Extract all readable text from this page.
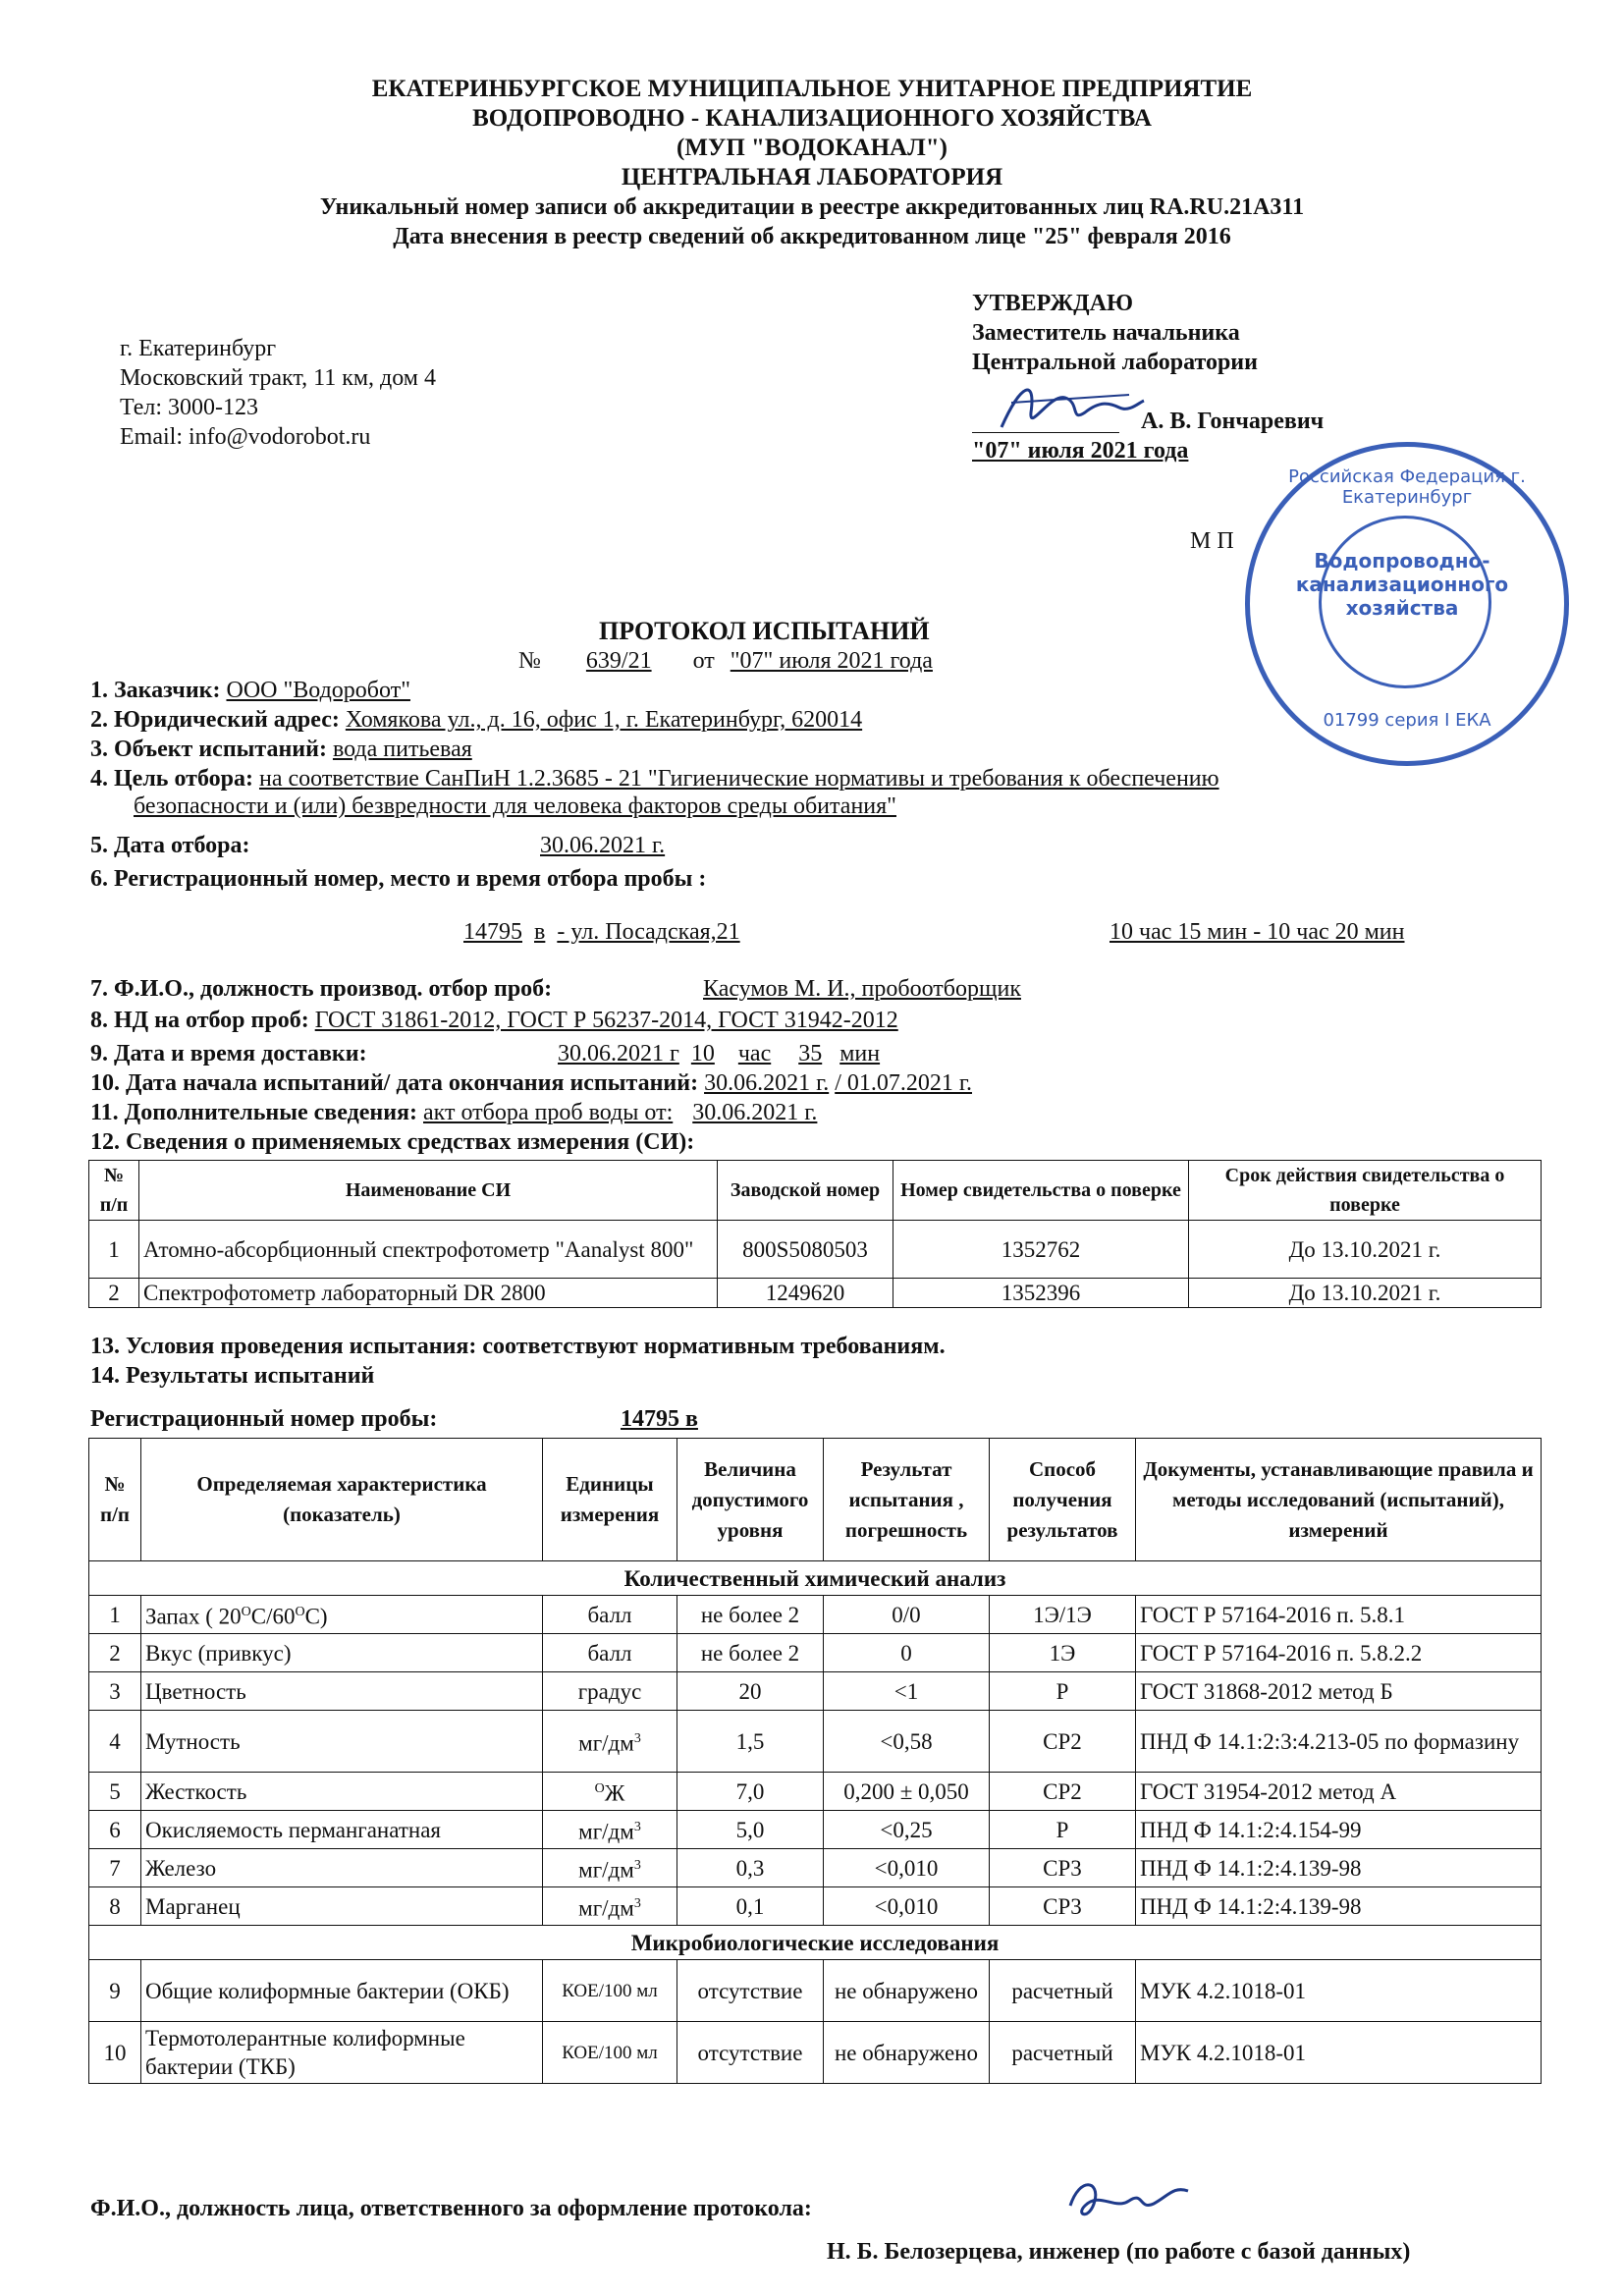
ЕКАТЕРИНБУРГСКОЕ МУНИЦИПАЛЬНОЕ УНИТАРНОЕ ПРЕДПРИЯТИЕ
ВОДОПРОВОДНО - КАНАЛИЗАЦИОННОГО ХОЗЯЙСТВА
(МУП "ВОДОКАНАЛ")
ЦЕНТРАЛЬНАЯ ЛАБОРАТОРИЯ
Уникальный номер записи об аккредитации в реестре аккредитованных лиц RA.RU.21А311
Дата внесения в реестр сведений об аккредитованном лице "25" февраля 2016
г. Екатеринбург
Московский тракт, 11 км, дом 4
Тел: 3000-123
Email: info@vodorobot.ru
УТВЕРЖДАЮ
Заместитель начальника
Центральной лаборатории
А. В. Гончаревич
"07" июля 2021 года
М П
Российская Федерация г. Екатеринбург
Водопроводно-канализационного хозяйства
01799 серия I ЕКА
ПРОТОКОЛ ИСПЫТАНИЙ
№ 639/21 от "07" июля 2021 года
1. Заказчик: ООО "Водоробот"
2. Юридический адрес: Хомякова ул., д. 16, офис 1, г. Екатеринбург, 620014
3. Объект испытаний: вода питьевая
4. Цель отбора: на соответствие СанПиН 1.2.3685 - 21 "Гигиенические нормативы и требования к обеспечению
безопасности и (или) безвредности для человека факторов среды обитания"
5. Дата отбора:	30.06.2021 г.
6. Регистрационный номер, место и время отбора пробы :
14795 в - ул. Посадская,21	10 час 15 мин - 10 час 20 мин
7. Ф.И.О., должность производ. отбор проб:	Касумов М. И., пробоотборщик
8. НД на отбор проб: ГОСТ 31861-2012, ГОСТ Р 56237-2014, ГОСТ 31942-2012
9. Дата и время доставки:	30.06.2021 г 10 час 35 мин
10. Дата начала испытаний/ дата окончания испытаний: 30.06.2021 г. / 01.07.2021 г.
11. Дополнительные сведения: акт отбора проб воды от: 30.06.2021 г.
12. Сведения о применяемых средствах измерения (СИ):
№ п/п	Наименование СИ	Заводской номер	Номер свидетельства о поверке	Срок действия свидетельства о поверке
1	Атомно-абсорбционный спектрофотометр "Aanalyst 800"	800S5080503	1352762	До 13.10.2021 г.
2	Спектрофотометр лабораторный DR 2800	1249620	1352396	До 13.10.2021 г.
13. Условия проведения испытания: соответствуют нормативным требованиям.
14. Результаты испытаний
Регистрационный номер пробы:	14795 в
№ п/п	Определяемая характеристика (показатель)	Единицы измерения	Величина допустимого уровня	Результат испытания , погрешность	Способ получения результатов	Документы, устанавливающие правила и методы исследований (испытаний), измерений
Количественный химический анализ						
1	Запах ( $20^OC/60^OC$)	балл	не более 2	0/0	1Э/1Э	ГОСТ Р 57164-2016 п. 5.8.1
2	Вкус (привкус)	балл	не более 2	0	1Э	ГОСТ Р 57164-2016 п. 5.8.2.2
3	Цветность	градус	20	<1	Р	ГОСТ 31868-2012 метод Б
4	Мутность	$мг/дм^3$	1,5	<0,58	СР2	ПНД Ф 14.1:2:3:4.213-05 по формазину
5	Жесткость	$^O$Ж	7,0	0,200 ± 0,050	СР2	ГОСТ 31954-2012 метод А
6	Окисляемость перманганатная	$мг/дм^3$	5,0	<0,25	Р	ПНД Ф 14.1:2:4.154-99
7	Железо	$мг/дм^3$	0,3	<0,010	СР3	ПНД Ф 14.1:2:4.139-98
8	Марганец	$мг/дм^3$	0,1	<0,010	СР3	ПНД Ф 14.1:2:4.139-98
Микробиологические исследования						
9	Общие колиформные бактерии (ОКБ)	КОЕ/100 мл	отсутствие	не обнаружено	расчетный	МУК 4.2.1018-01
10	Термотолерантные колиформные бактерии (ТКБ)	КОЕ/100 мл	отсутствие	не обнаружено	расчетный	МУК 4.2.1018-01
Ф.И.О., должность лица, ответственного за оформление протокола:
Н. Б. Белозерцева, инженер (по работе с базой данных)
